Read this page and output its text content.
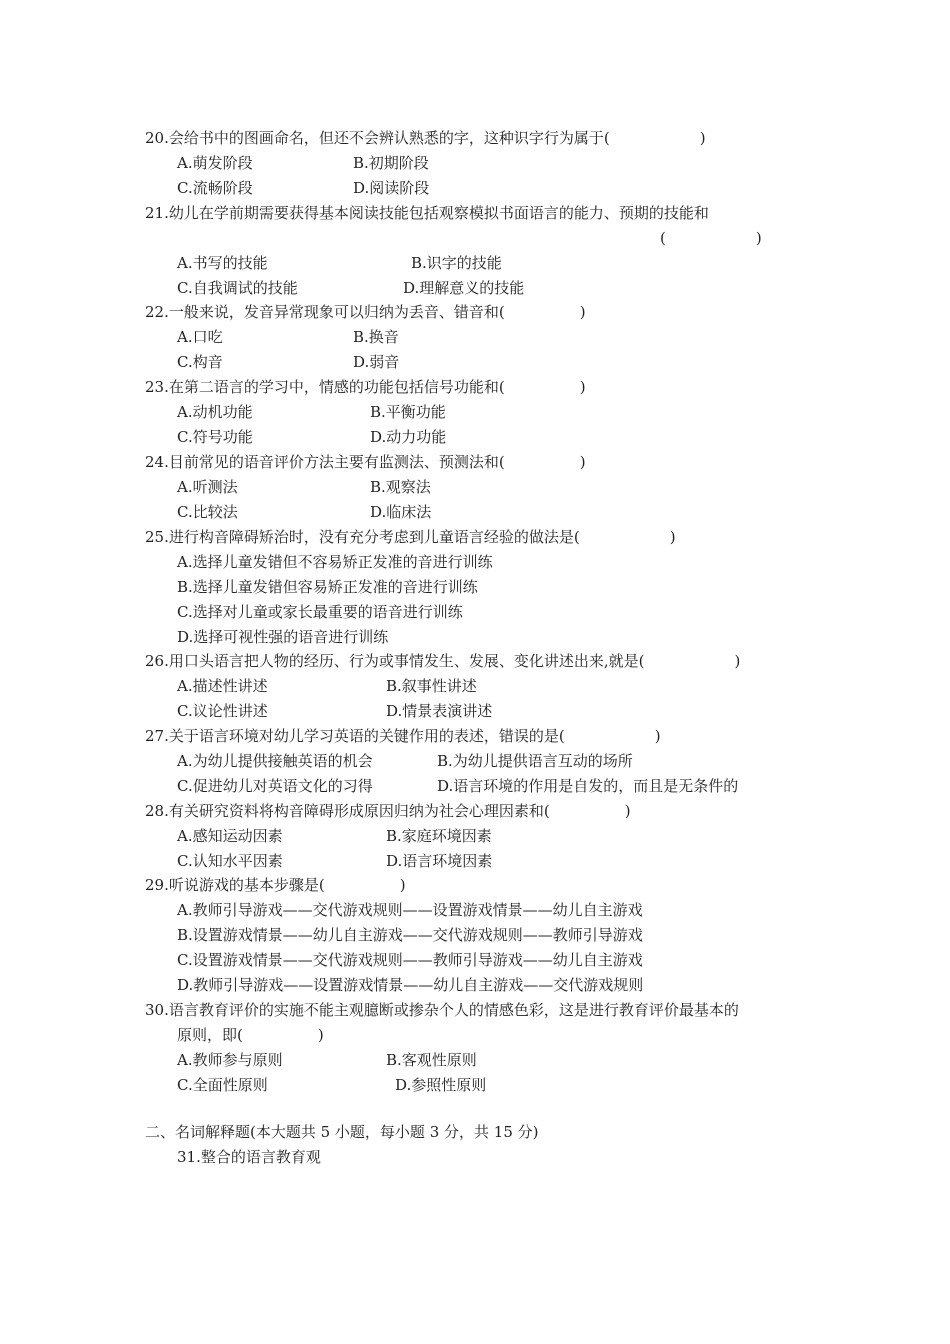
20.会给书中的图画命名，但还不会辨认熟悉的字，这种识字行为属于(　　　　　　)
A.萌发阶段	B.初期阶段
C.流畅阶段	D.阅读阶段
21.幼儿在学前期需要获得基本阅读技能包括观察模拟书面语言的能力、预期的技能和
(　　　　　　)
A.书写的技能	B.识字的技能
C.自我调试的技能	D.理解意义的技能
22.一般来说，发音异常现象可以归纳为丢音、错音和(　　　　　)
A.口吃	B.换音
C.构音	D.弱音
23.在第二语言的学习中，情感的功能包括信号功能和(　　　　　)
A.动机功能	B.平衡功能
C.符号功能	D.动力功能
24.目前常见的语音评价方法主要有监测法、预测法和(　　　　　)
A.听测法	B.观察法
C.比较法	D.临床法
25.进行构音障碍矫治时，没有充分考虑到儿童语言经验的做法是(　　　　　　)
A.选择儿童发错但不容易矫正发准的音进行训练
B.选择儿童发错但容易矫正发准的音进行训练
C.选择对儿童或家长最重要的语音进行训练
D.选择可视性强的语音进行训练
26.用口头语言把人物的经历、行为或事情发生、发展、变化讲述出来,就是(　　　　　　)
A.描述性讲述	B.叙事性讲述
C.议论性讲述	D.情景表演讲述
27.关于语言环境对幼儿学习英语的关键作用的表述，错误的是(　　　　　　)
A.为幼儿提供接触英语的机会	B.为幼儿提供语言互动的场所
C.促进幼儿对英语文化的习得	D.语言环境的作用是自发的，而且是无条件的
28.有关研究资料将构音障碍形成原因归纳为社会心理因素和(　　　　　)
A.感知运动因素	B.家庭环境因素
C.认知水平因素	D.语言环境因素
29.听说游戏的基本步骤是(　　　　　)
A.教师引导游戏——交代游戏规则——设置游戏情景——幼儿自主游戏
B.设置游戏情景——幼儿自主游戏——交代游戏规则——教师引导游戏
C.设置游戏情景——交代游戏规则——教师引导游戏——幼儿自主游戏
D.教师引导游戏——设置游戏情景——幼儿自主游戏——交代游戏规则
30.语言教育评价的实施不能主观臆断或掺杂个人的情感色彩，这是进行教育评价最基本的
原则，即(　　　　　)
A.教师参与原则	B.客观性原则
C.全面性原则	D.参照性原则
二、名词解释题(本大题共 5 小题，每小题 3 分，共 15 分)
31.整合的语言教育观
